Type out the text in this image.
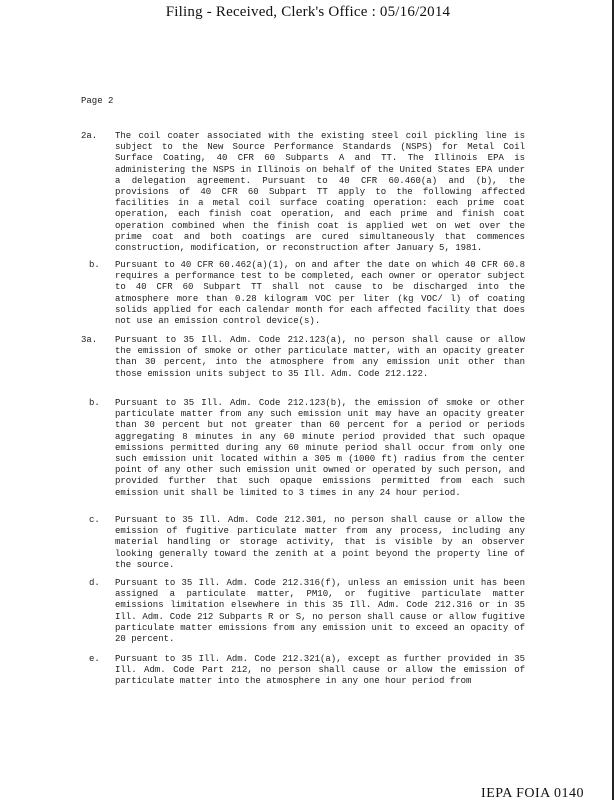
Filing - Received, Clerk's Office : 05/16/2014
Page 2
2a. The coil coater associated with the existing steel coil pickling line is subject to the New Source Performance Standards (NSPS) for Metal Coil Surface Coating, 40 CFR 60 Subparts A and TT. The Illinois EPA is administering the NSPS in Illinois on behalf of the United States EPA under a delegation agreement. Pursuant to 40 CFR 60.460(a) and (b), the provisions of 40 CFR 60 Subpart TT apply to the following affected facilities in a metal coil surface coating operation: each prime coat operation, each finish coat operation, and each prime and finish coat operation combined when the finish coat is applied wet on wet over the prime coat and both coatings are cured simultaneously that commences construction, modification, or reconstruction after January 5, 1981.
b. Pursuant to 40 CFR 60.462(a)(1), on and after the date on which 40 CFR 60.8 requires a performance test to be completed, each owner or operator subject to 40 CFR 60 Subpart TT shall not cause to be discharged into the atmosphere more than 0.28 kilogram VOC per liter (kg VOC/ l) of coating solids applied for each calendar month for each affected facility that does not use an emission control device(s).
3a. Pursuant to 35 Ill. Adm. Code 212.123(a), no person shall cause or allow the emission of smoke or other particulate matter, with an opacity greater than 30 percent, into the atmosphere from any emission unit other than those emission units subject to 35 Ill. Adm. Code 212.122.
b. Pursuant to 35 Ill. Adm. Code 212.123(b), the emission of smoke or other particulate matter from any such emission unit may have an opacity greater than 30 percent but not greater than 60 percent for a period or periods aggregating 8 minutes in any 60 minute period provided that such opaque emissions permitted during any 60 minute period shall occur from only one such emission unit located within a 305 m (1000 ft) radius from the center point of any other such emission unit owned or operated by such person, and provided further that such opaque emissions permitted from each such emission unit shall be limited to 3 times in any 24 hour period.
c. Pursuant to 35 Ill. Adm. Code 212.301, no person shall cause or allow the emission of fugitive particulate matter from any process, including any material handling or storage activity, that is visible by an observer looking generally toward the zenith at a point beyond the property line of the source.
d. Pursuant to 35 Ill. Adm. Code 212.316(f), unless an emission unit has been assigned a particulate matter, PM10, or fugitive particulate matter emissions limitation elsewhere in this 35 Ill. Adm. Code 212.316 or in 35 Ill. Adm. Code 212 Subparts R or S, no person shall cause or allow fugitive particulate matter emissions from any emission unit to exceed an opacity of 20 percent.
e. Pursuant to 35 Ill. Adm. Code 212.321(a), except as further provided in 35 Ill. Adm. Code Part 212, no person shall cause or allow the emission of particulate matter into the atmosphere in any one hour period from
IEPA FOIA 0140
